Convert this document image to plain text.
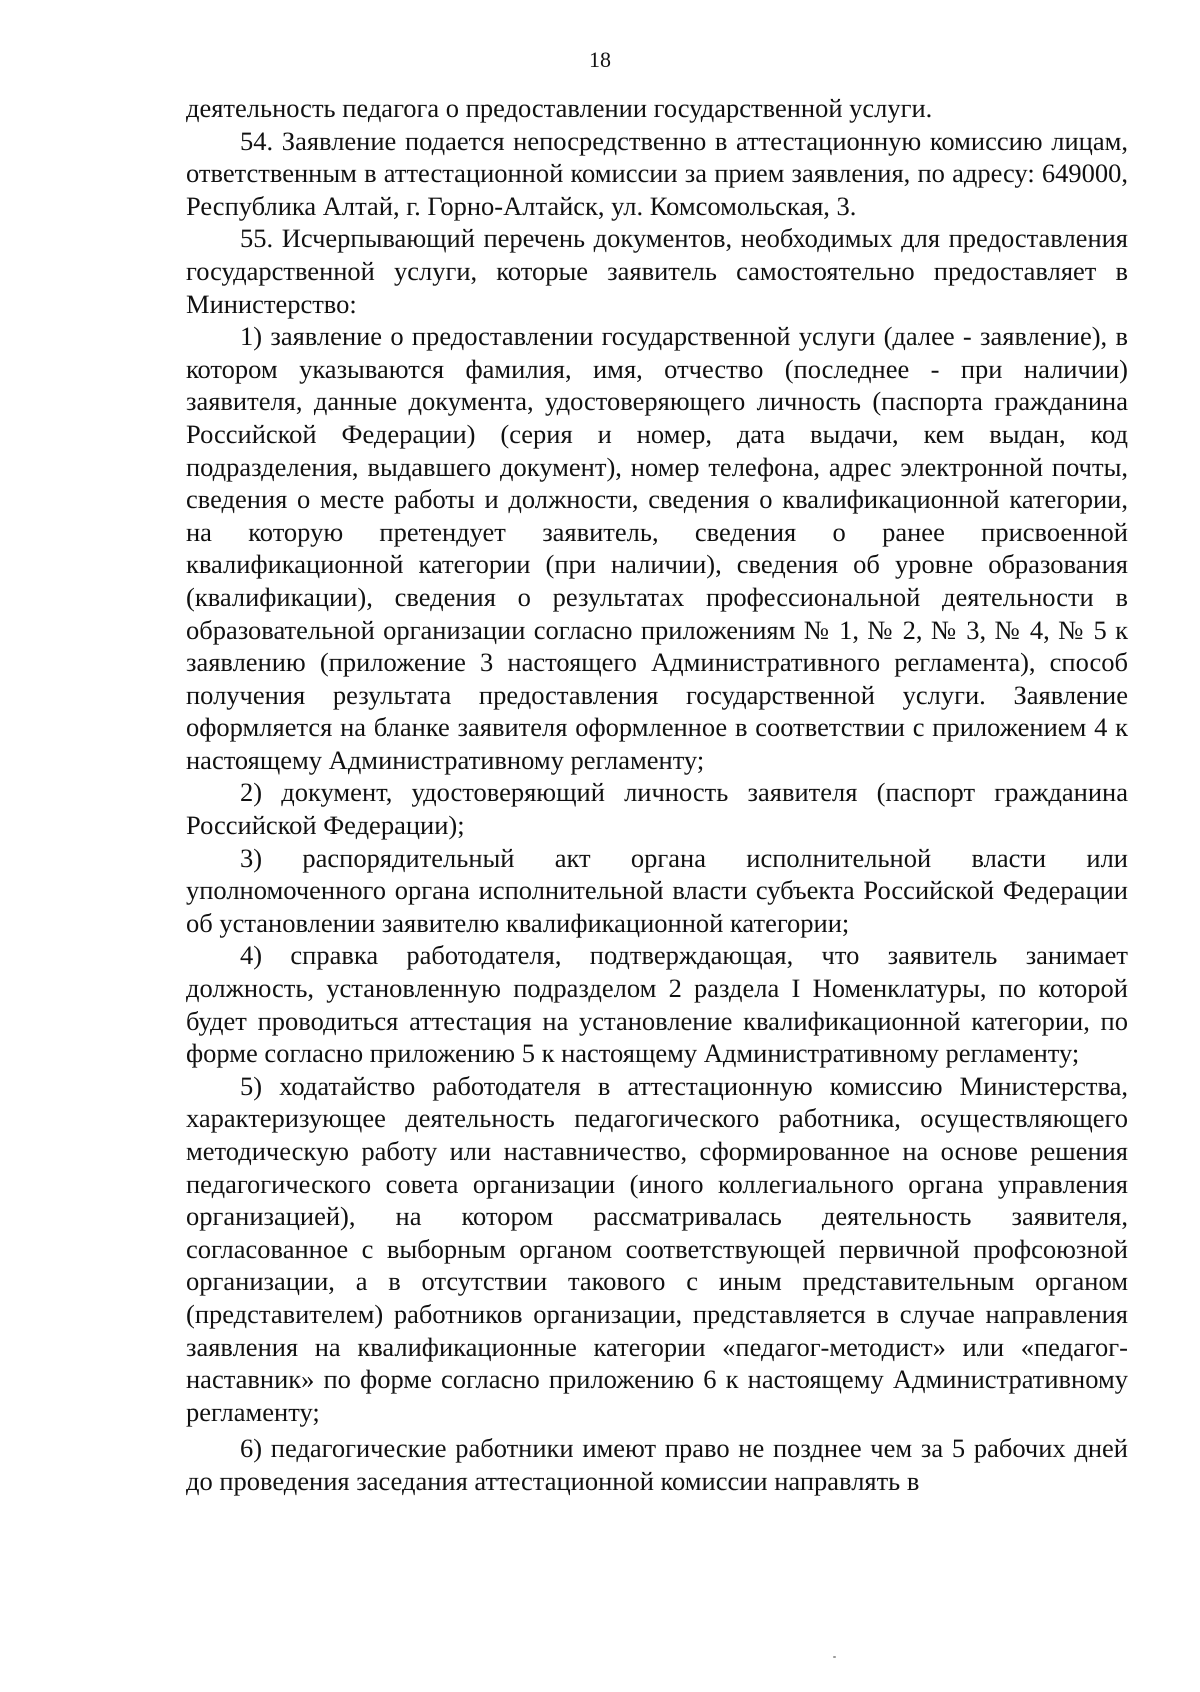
18

деятельность педагога о предоставлении государственной услуги.

54. Заявление подается непосредственно в аттестационную комиссию лицам, ответственным в аттестационной комиссии за прием заявления, по адресу: 649000, Республика Алтай, г. Горно-Алтайск, ул. Комсомольская, 3.

55. Исчерпывающий перечень документов, необходимых для предоставления государственной услуги, которые заявитель самостоятельно предоставляет в Министерство:

1) заявление о предоставлении государственной услуги (далее - заявление), в котором указываются фамилия, имя, отчество (последнее - при наличии) заявителя, данные документа, удостоверяющего личность (паспорта гражданина Российской Федерации) (серия и номер, дата выдачи, кем выдан, код подразделения, выдавшего документ), номер телефона, адрес электронной почты, сведения о месте работы и должности, сведения о квалификационной категории, на которую претендует заявитель, сведения о ранее присвоенной квалификационной категории (при наличии), сведения об уровне образования (квалификации), сведения о результатах профессиональной деятельности в образовательной организации согласно приложениям № 1, № 2, № 3, № 4, № 5 к заявлению (приложение 3 настоящего Административного регламента), способ получения результата предоставления государственной услуги. Заявление оформляется на бланке заявителя оформленное в соответствии с приложением 4 к настоящему Административному регламенту;

2) документ, удостоверяющий личность заявителя (паспорт гражданина Российской Федерации);

3) распорядительный акт органа исполнительной власти или уполномоченного органа исполнительной власти субъекта Российской Федерации об установлении заявителю квалификационной категории;

4) справка работодателя, подтверждающая, что заявитель занимает должность, установленную подразделом 2 раздела I Номенклатуры, по которой будет проводиться аттестация на установление квалификационной категории, по форме согласно приложению 5 к настоящему Административному регламенту;

5) ходатайство работодателя в аттестационную комиссию Министерства, характеризующее деятельность педагогического работника, осуществляющего методическую работу или наставничество, сформированное на основе решения педагогического совета организации (иного коллегиального органа управления организацией), на котором рассматривалась деятельность заявителя, согласованное с выборным органом соответствующей первичной профсоюзной организации, а в отсутствии такового с иным представительным органом (представителем) работников организации, представляется в случае направления заявления на квалификационные категории «педагог-методист» или «педагог-наставник» по форме согласно приложению 6 к настоящему Административному регламенту;

6) педагогические работники имеют право не позднее чем за 5 рабочих дней до проведения заседания аттестационной комиссии направлять в
